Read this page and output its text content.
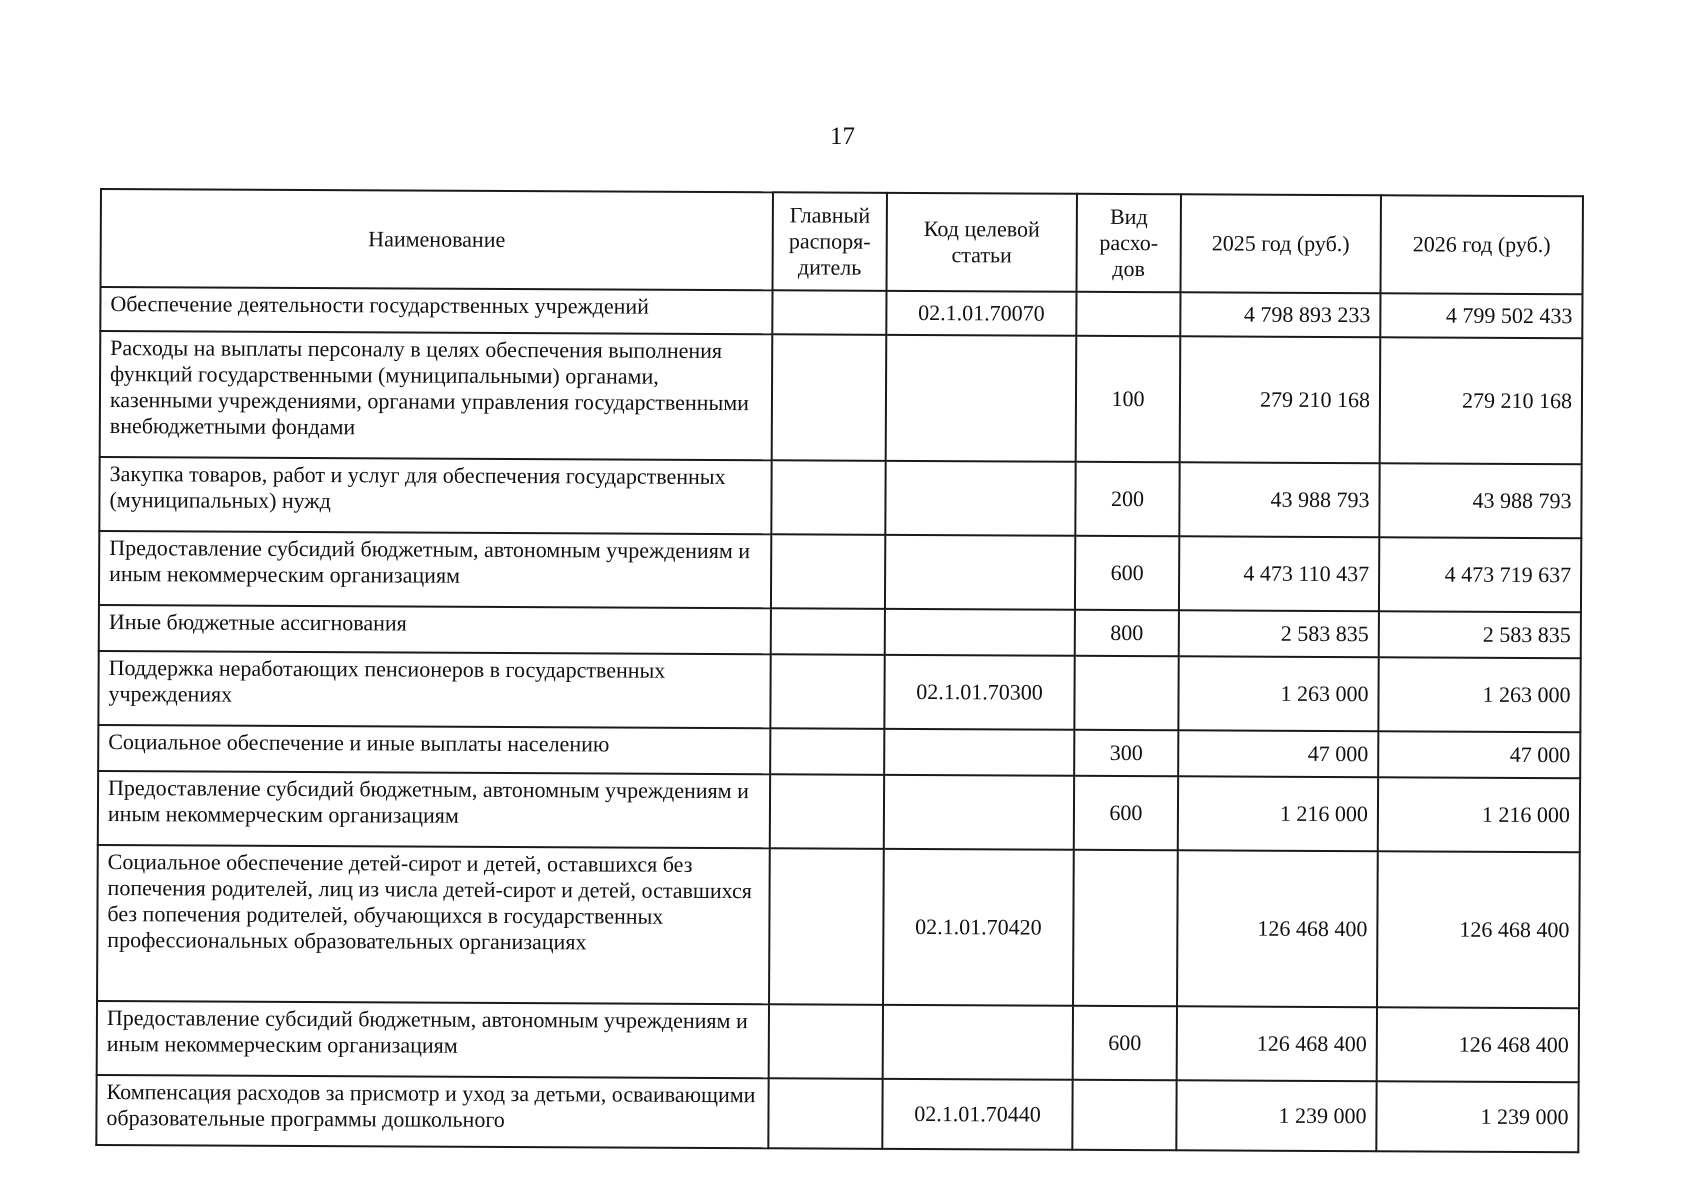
17
Наименование	Главный распоря-дитель	Код целевой статьи	Вид расхо-дов	2025 год (руб.)	2026 год (руб.)
Обеспечение деятельности государственных учреждений		02.1.01.70070		4 798 893 233	4 799 502 433
Расходы на выплаты персоналу в целях обеспечения выполнения функций государственными (муниципальными) органами, казенными учреждениями, органами управления государственными внебюджетными фондами			100	279 210 168	279 210 168
Закупка товаров, работ и услуг для обеспечения государственных (муниципальных) нужд			200	43 988 793	43 988 793
Предоставление субсидий бюджетным, автономным учреждениям и иным некоммерческим организациям			600	4 473 110 437	4 473 719 637
Иные бюджетные ассигнования			800	2 583 835	2 583 835
Поддержка неработающих пенсионеров в государственных учреждениях		02.1.01.70300		1 263 000	1 263 000
Социальное обеспечение и иные выплаты населению			300	47 000	47 000
Предоставление субсидий бюджетным, автономным учреждениям и иным некоммерческим организациям			600	1 216 000	1 216 000
Социальное обеспечение детей-сирот и детей, оставшихся без попечения родителей, лиц из числа детей-сирот и детей, оставшихся без попечения родителей, обучающихся в государственных профессиональных образовательных организациях		02.1.01.70420		126 468 400	126 468 400
Предоставление субсидий бюджетным, автономным учреждениям и иным некоммерческим организациям			600	126 468 400	126 468 400
Компенсация расходов за присмотр и уход за детьми, осваивающими образовательные программы дошкольного		02.1.01.70440		1 239 000	1 239 000
